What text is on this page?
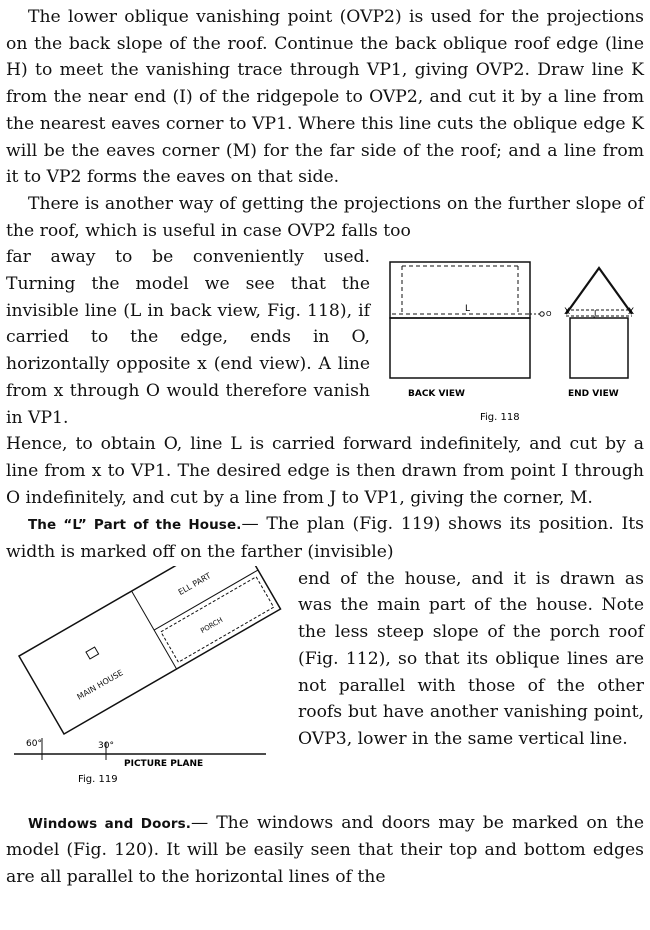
The lower oblique vanishing point (OVP2) is used for the projections on the back slope of the roof. Continue the back oblique roof edge (line H) to meet the vanishing trace through VP1, giving OVP2. Draw line K from the near end (I) of the ridgepole to OVP2, and cut it by a line from the nearest eaves corner to VP1. Where this line cuts the oblique edge K will be the eaves corner (M) for the far side of the roof; and a line from it to VP2 forms the eaves on that side.

There is another way of getting the projections on the further slope of the roof, which is useful in case OVP2 falls too

far away to be conveniently used. Turning the model we see that the invisible line (L in back view, Fig. 118), if carried to the edge, ends in O, horizontally opposite x (end view). A line from x through O would therefore vanish in VP1.

L	O
BACK VIEW
X	X
J
END VIEW
Fig. 118

Hence, to obtain O, line L is carried forward indefinitely, and cut by a line from x to VP1. The desired edge is then drawn from point I through O indefinitely, and cut by a line from J to VP1, giving the corner, M.

The “L” Part of the House.— The plan (Fig. 119) shows its position. Its width is marked off on the farther (invisible)

MAIN HOUSE
ELL PART
PORCH
60°	30°
PICTURE PLANE
Fig. 119

end of the house, and it is drawn as was the main part of the house. Note the less steep slope of the porch roof (Fig. 112), so that its oblique lines are not parallel with those of the other roofs but have another vanishing point, OVP3, lower in the same vertical line.

Windows and Doors.— The windows and doors may be marked on the model (Fig. 120). It will be easily seen that their top and bottom edges are all parallel to the horizontal lines of the
